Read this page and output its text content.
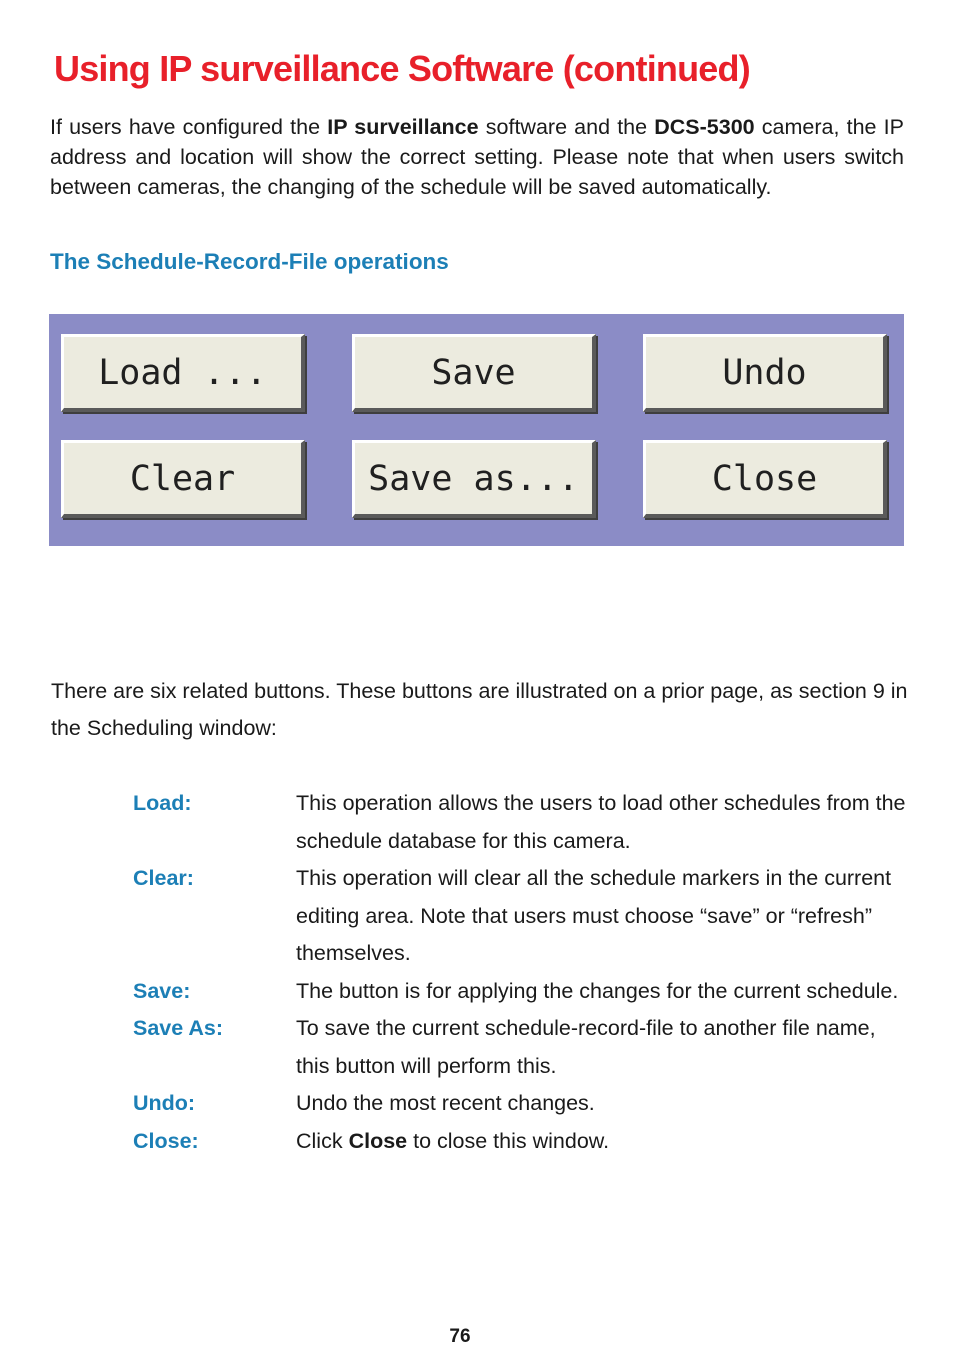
Using IP surveillance Software (continued)

If users have configured the IP surveillance software and the DCS-5300 camera, the IP address and location will show the correct setting. Please note that when users switch between cameras, the changing of the schedule will be saved automatically.

The Schedule-Record-File operations
Load ...	Save	Undo
Clear	Save as...	Close

There are six related buttons. These buttons are illustrated on a prior page, as section 9 in the Scheduling window:

Load:	This operation allows the users to load other schedules from the schedule database for this camera.
Clear:	This operation will clear all the schedule markers in the current editing area. Note that users must choose “save” or “refresh” themselves.
Save:	The button is for applying the changes for the current schedule.
Save As:	To save the current schedule-record-file to another file name, this button will perform this.
Undo:	Undo the most recent changes.
Close:	Click Close to close this window.
76
